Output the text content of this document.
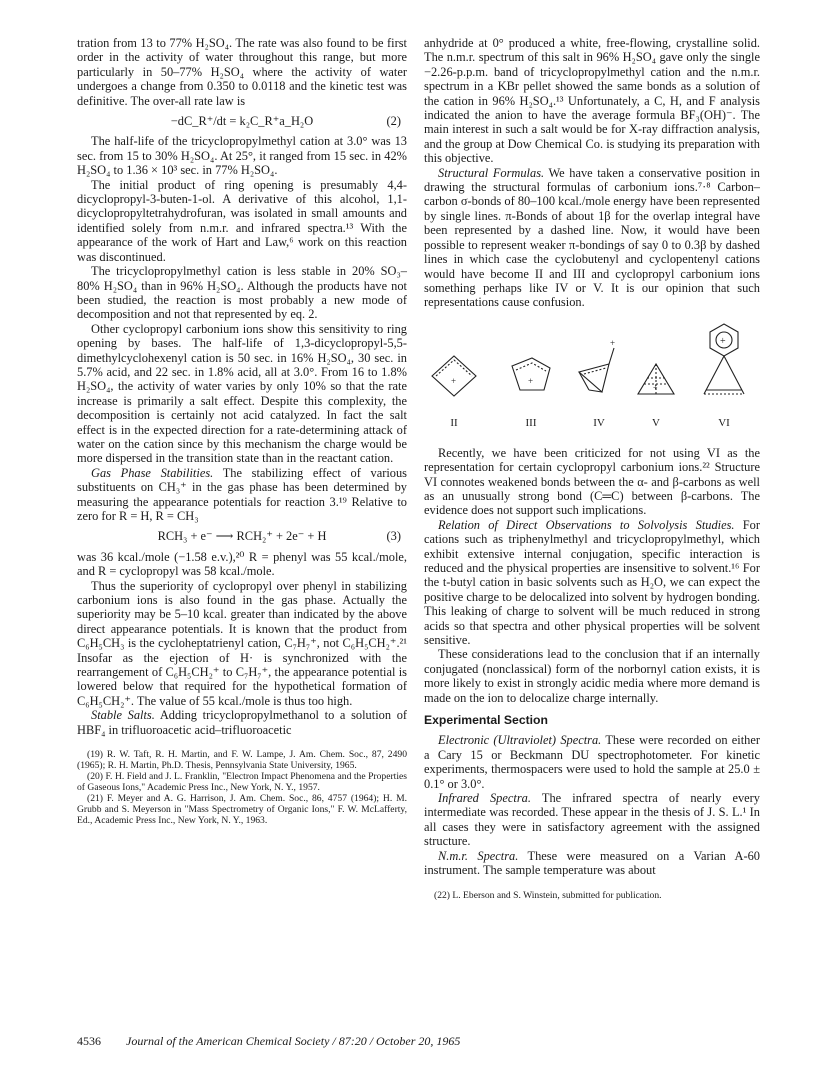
tration from 13 to 77% H₂SO₄. The rate was also found to be first order in the activity of water throughout this range, but more particularly in 50–77% H₂SO₄ where the activity of water undergoes a change from 0.350 to 0.0118 and the kinetic test was definitive. The over-all rate law is

−dC_R⁺/dt = k₂C_R⁺a_H₂O	(2)

The half-life of the tricyclopropylmethyl cation at 3.0° was 13 sec. from 15 to 30% H₂SO₄. At 25°, it ranged from 15 sec. in 42% H₂SO₄ to 1.36 × 10³ sec. in 77% H₂SO₄.

The initial product of ring opening is presumably 4,4-dicyclopropyl-3-buten-1-ol. A derivative of this alcohol, 1,1-dicyclopropyltetrahydrofuran, was isolated in small amounts and identified solely from n.m.r. and infrared spectra.¹³ With the appearance of the work of Hart and Law,⁶ work on this reaction was discontinued.

The tricyclopropylmethyl cation is less stable in 20% SO₃–80% H₂SO₄ than in 96% H₂SO₄. Although the products have not been studied, the reaction is most probably a new mode of decomposition and not that represented by eq. 2.

Other cyclopropyl carbonium ions show this sensitivity to ring opening by bases. The half-life of 1,3-dicyclopropyl-5,5-dimethylcyclohexenyl cation is 50 sec. in 16% H₂SO₄, 30 sec. in 5.7% acid, and 22 sec. in 1.8% acid, all at 3.0°. From 16 to 1.8% H₂SO₄, the activity of water varies by only 10% so that the rate increase is primarily a salt effect. Despite this complexity, the decomposition is certainly not acid catalyzed. In fact the salt effect is in the expected direction for a rate-determining attack of water on the cation since by this mechanism the charge would be more dispersed in the transition state than in the reactant cation.

Gas Phase Stabilities. The stabilizing effect of various substituents on CH₃⁺ in the gas phase has been determined by measuring the appearance potentials for reaction 3.¹⁹ Relative to zero for R = H, R = CH₃

RCH₃ + e⁻ ⟶ RCH₂⁺ + 2e⁻ + H	(3)

was 36 kcal./mole (−1.58 e.v.),²⁰ R = phenyl was 55 kcal./mole, and R = cyclopropyl was 58 kcal./mole.

Thus the superiority of cyclopropyl over phenyl in stabilizing carbonium ions is also found in the gas phase. Actually the superiority may be 5–10 kcal. greater than indicated by the above direct appearance potentials. It is known that the product from C₆H₅CH₃ is the cycloheptatrienyl cation, C₇H₇⁺, not C₆H₅CH₂⁺.²¹ Insofar as the ejection of H· is synchronized with the rearrangement of C₆H₅CH₂⁺ to C₇H₇⁺, the appearance potential is lowered below that required for the hypothetical formation of C₆H₅CH₂⁺. The value of 55 kcal./mole is thus too high.

Stable Salts. Adding tricyclopropylmethanol to a solution of HBF₄ in trifluoroacetic acid–trifluoroacetic

(19) R. W. Taft, R. H. Martin, and F. W. Lampe, J. Am. Chem. Soc., 87, 2490 (1965); R. H. Martin, Ph.D. Thesis, Pennsylvania State University, 1965.

(20) F. H. Field and J. L. Franklin, "Electron Impact Phenomena and the Properties of Gaseous Ions," Academic Press Inc., New York, N. Y., 1957.

(21) F. Meyer and A. G. Harrison, J. Am. Chem. Soc., 86, 4757 (1964); H. M. Grubb and S. Meyerson in "Mass Spectrometry of Organic Ions," F. W. McLafferty, Ed., Academic Press Inc., New York, N. Y., 1963.

anhydride at 0° produced a white, free-flowing, crystalline solid. The n.m.r. spectrum of this salt in 96% H₂SO₄ gave only the single −2.26-p.p.m. band of tricyclopropylmethyl cation and the n.m.r. spectrum in a KBr pellet showed the same bonds as a solution of the cation in 96% H₂SO₄.¹³ Unfortunately, a C, H, and F analysis indicated the anion to have the average formula BF₃(OH)⁻. The main interest in such a salt would be for X-ray diffraction analysis, and the group at Dow Chemical Co. is studying its preparation with this objective.

Structural Formulas. We have taken a conservative position in drawing the structural formulas of carbonium ions.⁷·⁸ Carbon–carbon σ-bonds of 80–100 kcal./mole energy have been represented by single lines. π-Bonds of about 1β for the overlap integral have been represented by a dashed line. Now, it would have been possible to represent weaker π-bondings of say 0 to 0.3β by dashed lines in which case the cyclobutenyl and cyclopentenyl cations would have become II and III and cyclopropyl carbonium ions something perhaps like IV or V. It is our opinion that such representations cause confusion.

+	+
+
+
+
II	III	IV	V	VI

Recently, we have been criticized for not using VI as the representation for certain cyclopropyl carbonium ions.²² Structure VI connotes weakened bonds between the α- and β-carbons as well as an unusually strong bond (C═C) between β-carbons. The evidence does not support such implications.

Relation of Direct Observations to Solvolysis Studies. For cations such as triphenylmethyl and tricyclopropylmethyl, which exhibit extensive internal conjugation, specific interaction is reduced and the physical properties are insensitive to solvent.¹⁶ For the t-butyl cation in basic solvents such as H₂O, we can expect the positive charge to be delocalized into solvent by hydrogen bonding. This leaking of charge to solvent will be much reduced in strong acids so that spectra and other physical properties will be solvent sensitive.

These considerations lead to the conclusion that if an internally conjugated (nonclassical) form of the norbornyl cation exists, it is more likely to exist in strongly acidic media where more demand is made on the ion to delocalize charge internally.

Experimental Section

Electronic (Ultraviolet) Spectra. These were recorded on either a Cary 15 or Beckmann DU spectrophotometer. For kinetic experiments, thermospacers were used to hold the sample at 25.0 ± 0.1° or 3.0°.

Infrared Spectra. The infrared spectra of nearly every intermediate was recorded. These appear in the thesis of J. S. L.¹ In all cases they were in satisfactory agreement with the assigned structure.

N.m.r. Spectra. These were measured on a Varian A-60 instrument. The sample temperature was about

(22) L. Eberson and S. Winstein, submitted for publication.

4536 Journal of the American Chemical Society / 87:20 / October 20, 1965
